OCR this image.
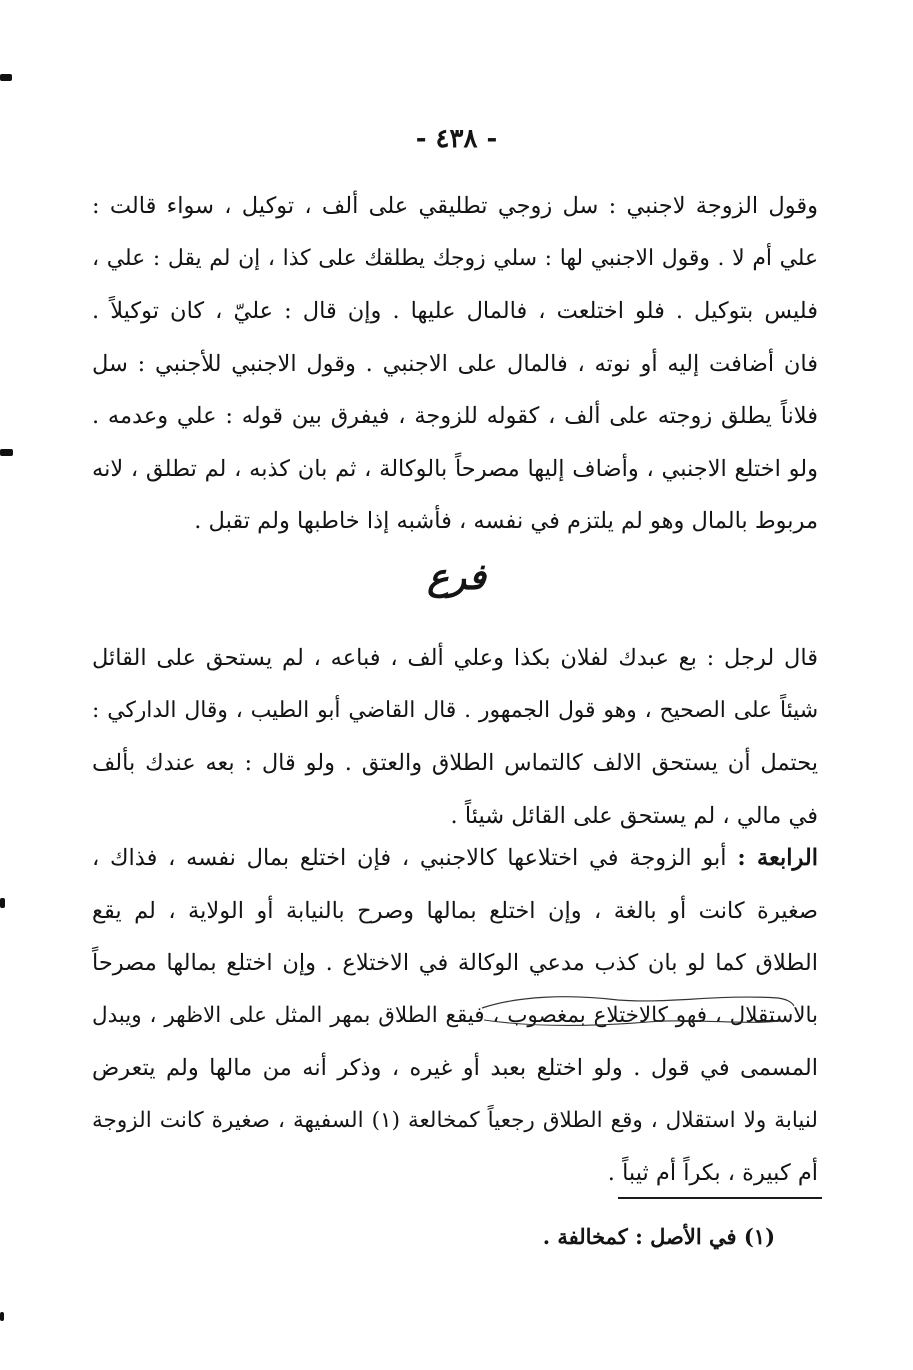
- ٤٣٨ -
وقول الزوجة لاجنبي : سل زوجي تطليقي على ألف ، توكيل ، سواء قالت :
علي أم لا . وقول الاجنبي لها : سلي زوجك يطلقك على كذا ، إن لم يقل : علي ،
فليس بتوكيل . فلو اختلعت ، فالمال عليها . وإن قال : عليّ ، كان توكيلاً .
فان أضافت إليه أو نوته ، فالمال على الاجنبي . وقول الاجنبي للأجنبي : سل
فلاناً يطلق زوجته على ألف ، كقوله للزوجة ، فيفرق بين قوله : علي وعدمه .
ولو اختلع الاجنبي ، وأضاف إليها مصرحاً بالوكالة ، ثم بان كذبه ، لم تطلق ، لانه
مربوط بالمال وهو لم يلتزم في نفسه ، فأشبه إذا خاطبها ولم تقبل .
فرع
قال لرجل : بع عبدك لفلان بكذا وعلي ألف ، فباعه ، لم يستحق على القائل
شيئاً على الصحيح ، وهو قول الجمهور . قال القاضي أبو الطيب ، وقال الداركي :
يحتمل أن يستحق الالف كالتماس الطلاق والعتق . ولو قال : بعه عندك بألف
في مالي ، لم يستحق على القائل شيئاً .
الرابعة : أبو الزوجة في اختلاعها كالاجنبي ، فإن اختلع بمال نفسه ، فذاك ،
صغيرة كانت أو بالغة ، وإن اختلع بمالها وصرح بالنيابة أو الولاية ، لم يقع
الطلاق كما لو بان كذب مدعي الوكالة في الاختلاع . وإن اختلع بمالها مصرحاً
بالاستقلال ، فهو كالاختلاع بمغصوب ، فيقع الطلاق بمهر المثل على الاظهر ، ويبدل
المسمى في قول . ولو اختلع بعبد أو غيره ، وذكر أنه من مالها ولم يتعرض
لنيابة ولا استقلال ، وقع الطلاق رجعياً كمخالعة (١) السفيهة ، صغيرة كانت الزوجة
أم كبيرة ، بكراً أم ثيباً .
(١) في الأصل : كمخالفة .
